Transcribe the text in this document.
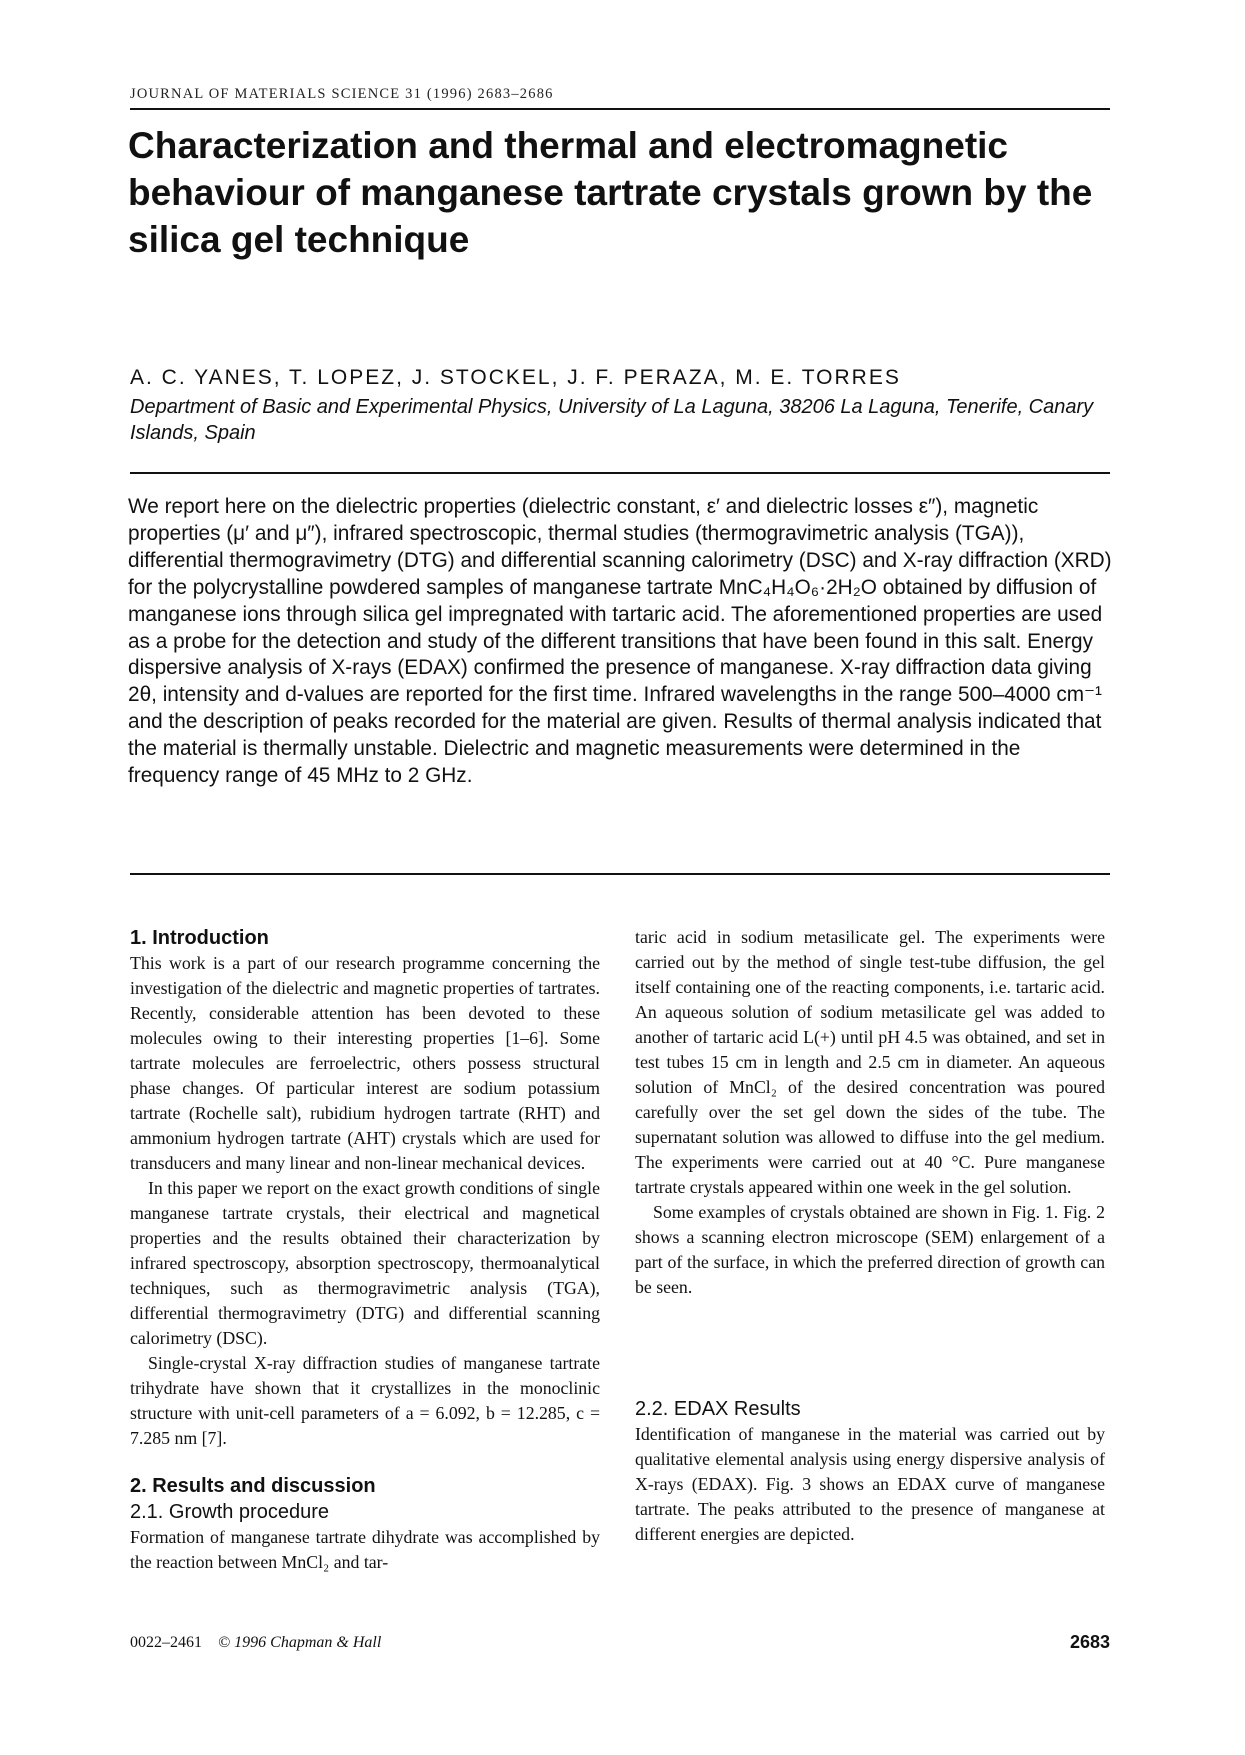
JOURNAL OF MATERIALS SCIENCE 31 (1996) 2683–2686
Characterization and thermal and electromagnetic behaviour of manganese tartrate crystals grown by the silica gel technique
A. C. YANES, T. LOPEZ, J. STOCKEL, J. F. PERAZA, M. E. TORRES
Department of Basic and Experimental Physics, University of La Laguna, 38206 La Laguna, Tenerife, Canary Islands, Spain
We report here on the dielectric properties (dielectric constant, ε′ and dielectric losses ε″), magnetic properties (μ′ and μ″), infrared spectroscopic, thermal studies (thermogravimetric analysis (TGA)), differential thermogravimetry (DTG) and differential scanning calorimetry (DSC) and X-ray diffraction (XRD) for the polycrystalline powdered samples of manganese tartrate MnC₄H₄O₆·2H₂O obtained by diffusion of manganese ions through silica gel impregnated with tartaric acid. The aforementioned properties are used as a probe for the detection and study of the different transitions that have been found in this salt. Energy dispersive analysis of X-rays (EDAX) confirmed the presence of manganese. X-ray diffraction data giving 2θ, intensity and d-values are reported for the first time. Infrared wavelengths in the range 500–4000 cm⁻¹ and the description of peaks recorded for the material are given. Results of thermal analysis indicated that the material is thermally unstable. Dielectric and magnetic measurements were determined in the frequency range of 45 MHz to 2 GHz.
1. Introduction

This work is a part of our research programme concerning the investigation of the dielectric and magnetic properties of tartrates. Recently, considerable attention has been devoted to these molecules owing to their interesting properties [1–6]. Some tartrate molecules are ferroelectric, others possess structural phase changes. Of particular interest are sodium potassium tartrate (Rochelle salt), rubidium hydrogen tartrate (RHT) and ammonium hydrogen tartrate (AHT) crystals which are used for transducers and many linear and non-linear mechanical devices.

In this paper we report on the exact growth conditions of single manganese tartrate crystals, their electrical and magnetical properties and the results obtained their characterization by infrared spectroscopy, absorption spectroscopy, thermoanalytical techniques, such as thermogravimetric analysis (TGA), differential thermogravimetry (DTG) and differential scanning calorimetry (DSC).

Single-crystal X-ray diffraction studies of manganese tartrate trihydrate have shown that it crystallizes in the monoclinic structure with unit-cell parameters of a = 6.092, b = 12.285, c = 7.285 nm [7].

2. Results and discussion
2.1. Growth procedure

Formation of manganese tartrate dihydrate was accomplished by the reaction between MnCl₂ and tar-

taric acid in sodium metasilicate gel. The experiments were carried out by the method of single test-tube diffusion, the gel itself containing one of the reacting components, i.e. tartaric acid. An aqueous solution of sodium metasilicate gel was added to another of tartaric acid L(+) until pH 4.5 was obtained, and set in test tubes 15 cm in length and 2.5 cm in diameter. An aqueous solution of MnCl₂ of the desired concentration was poured carefully over the set gel down the sides of the tube. The supernatant solution was allowed to diffuse into the gel medium. The experiments were carried out at 40 °C. Pure manganese tartrate crystals appeared within one week in the gel solution.

Some examples of crystals obtained are shown in Fig. 1. Fig. 2 shows a scanning electron microscope (SEM) enlargement of a part of the surface, in which the preferred direction of growth can be seen.

2.2. EDAX Results

Identification of manganese in the material was carried out by qualitative elemental analysis using energy dispersive analysis of X-rays (EDAX). Fig. 3 shows an EDAX curve of manganese tartrate. The peaks attributed to the presence of manganese at different energies are depicted.

0022–2461 © 1996 Chapman & Hall	2683
